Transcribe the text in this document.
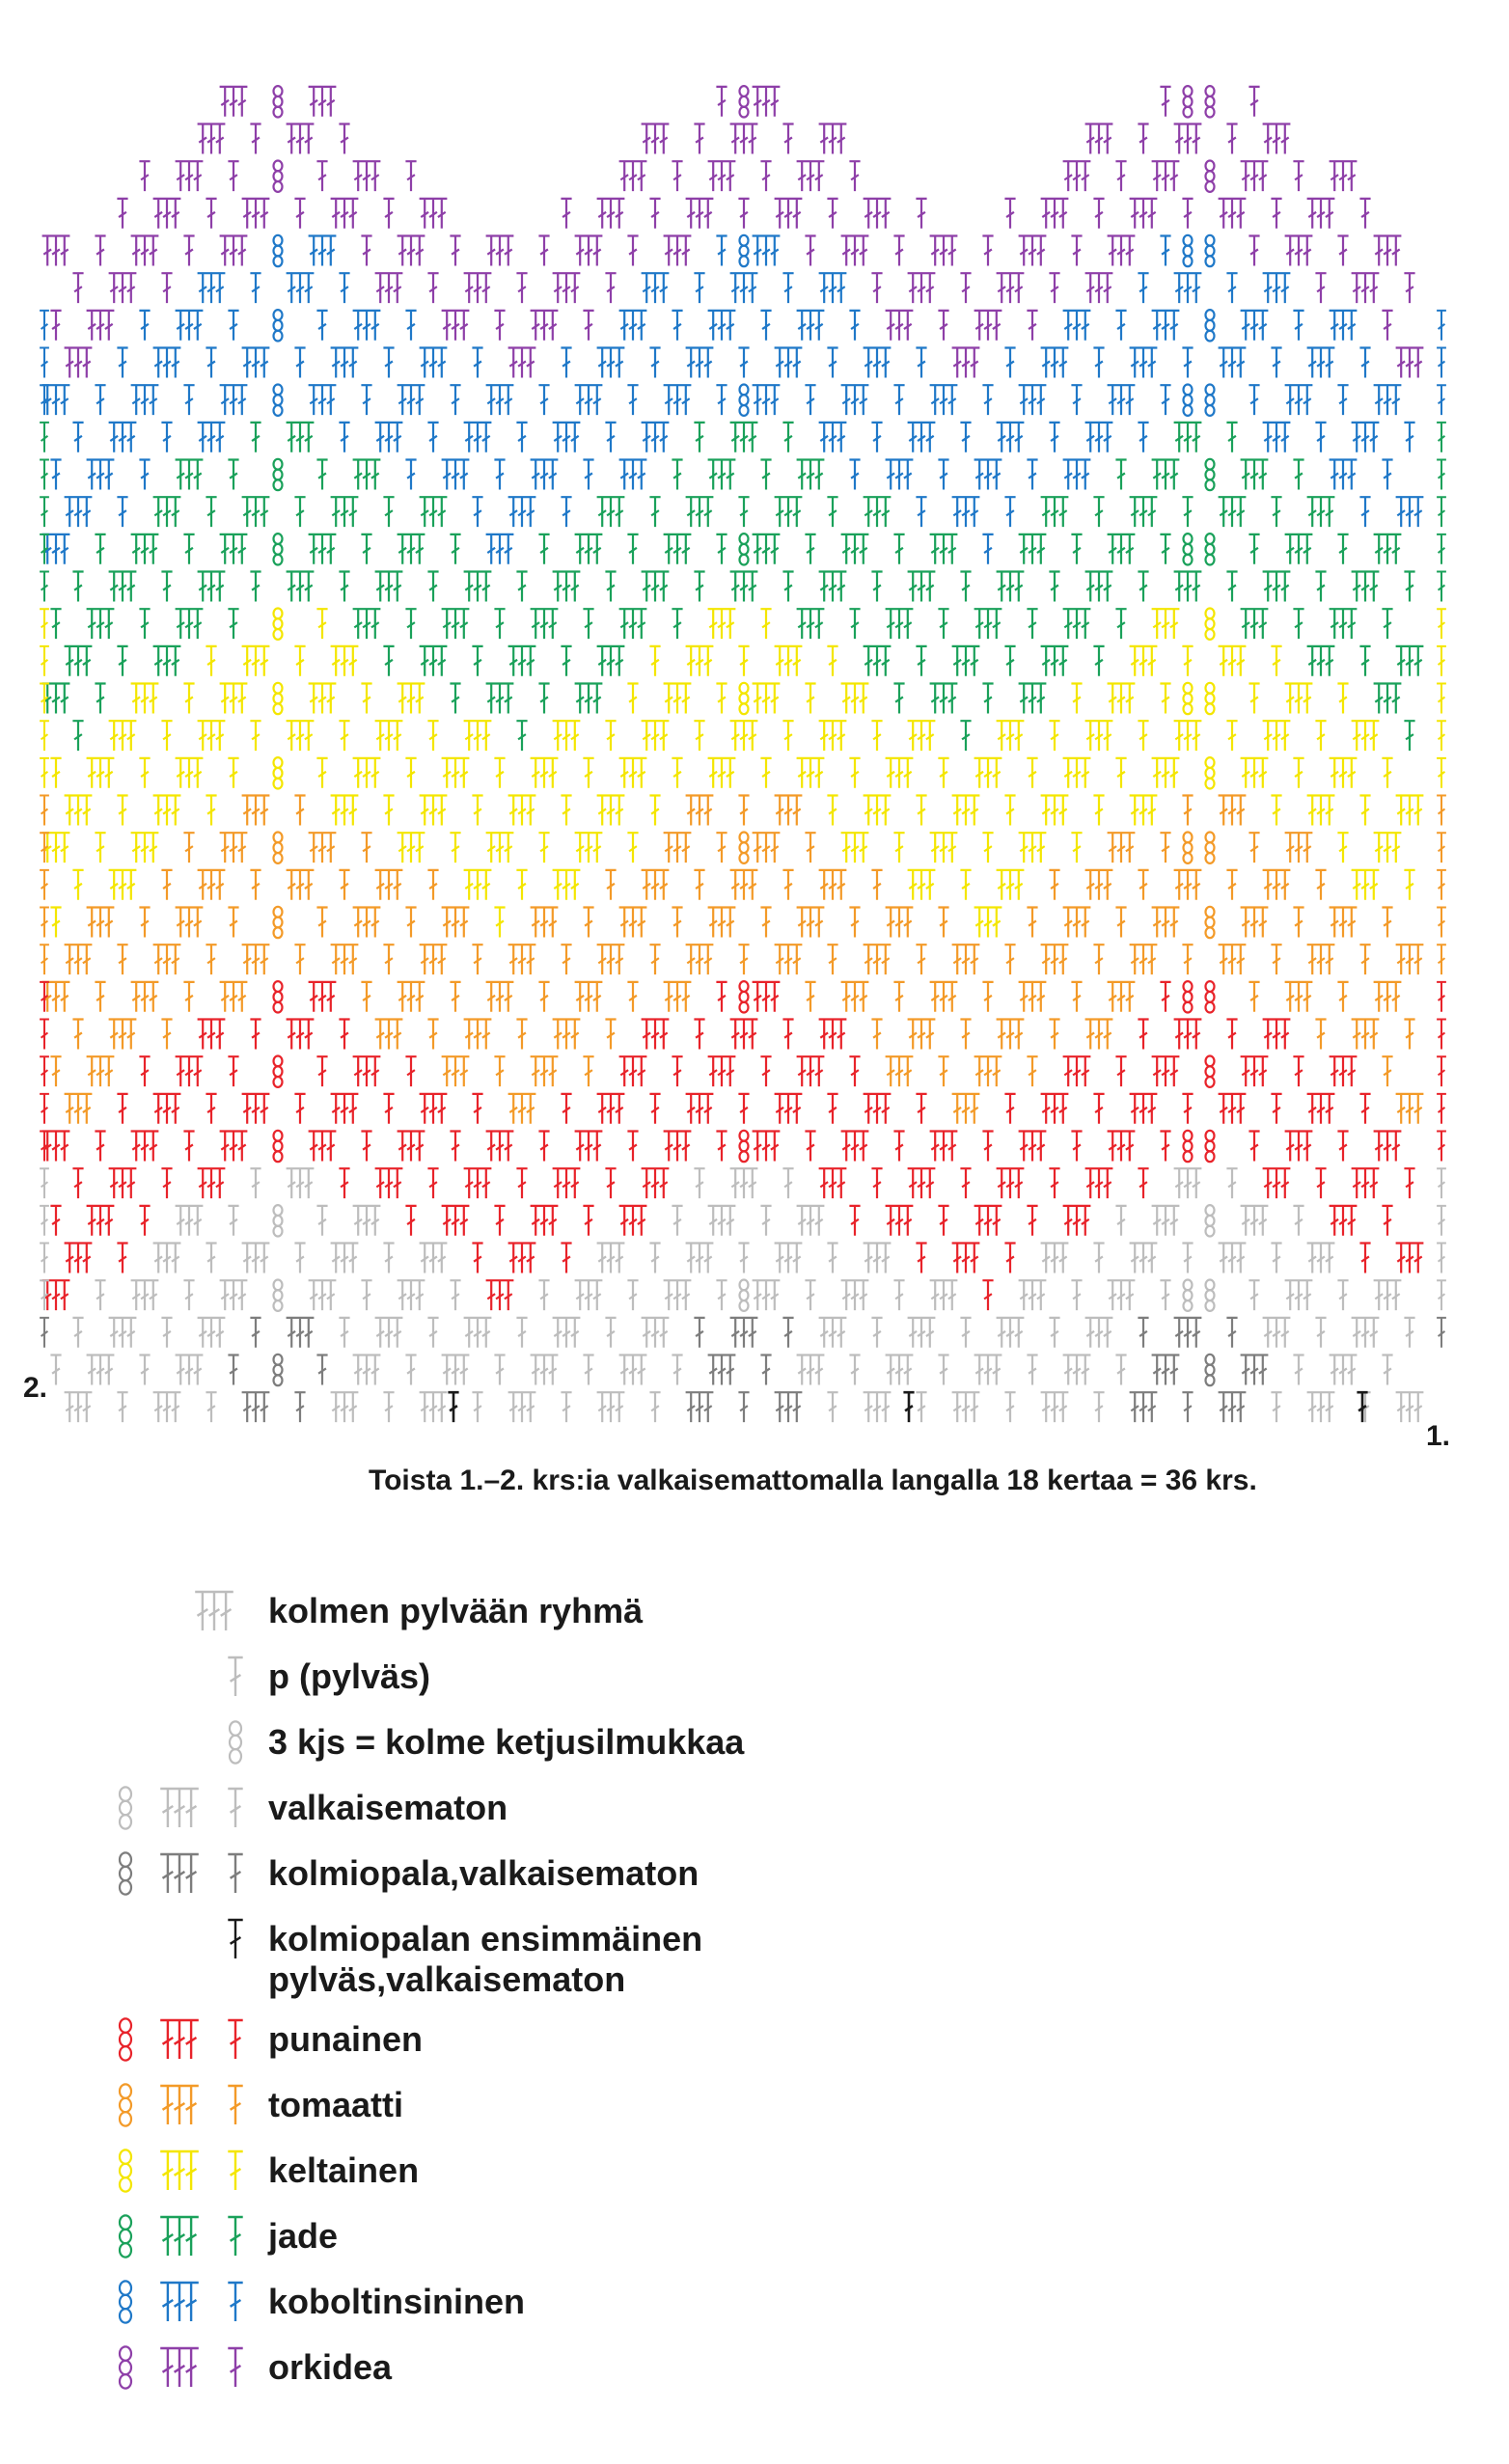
2.
1.
Toista 1.–2. krs:ia valkaisemattomalla langalla 18 kertaa = 36 krs.
kolmen pylvään ryhmä
p (pylväs)
3 kjs = kolme ketjusilmukkaa
valkaisematon
kolmiopala,valkaisematon
kolmiopalan ensimmäinen
pylväs,valkaisematon
punainen
tomaatti
keltainen
jade
koboltinsininen
orkidea
